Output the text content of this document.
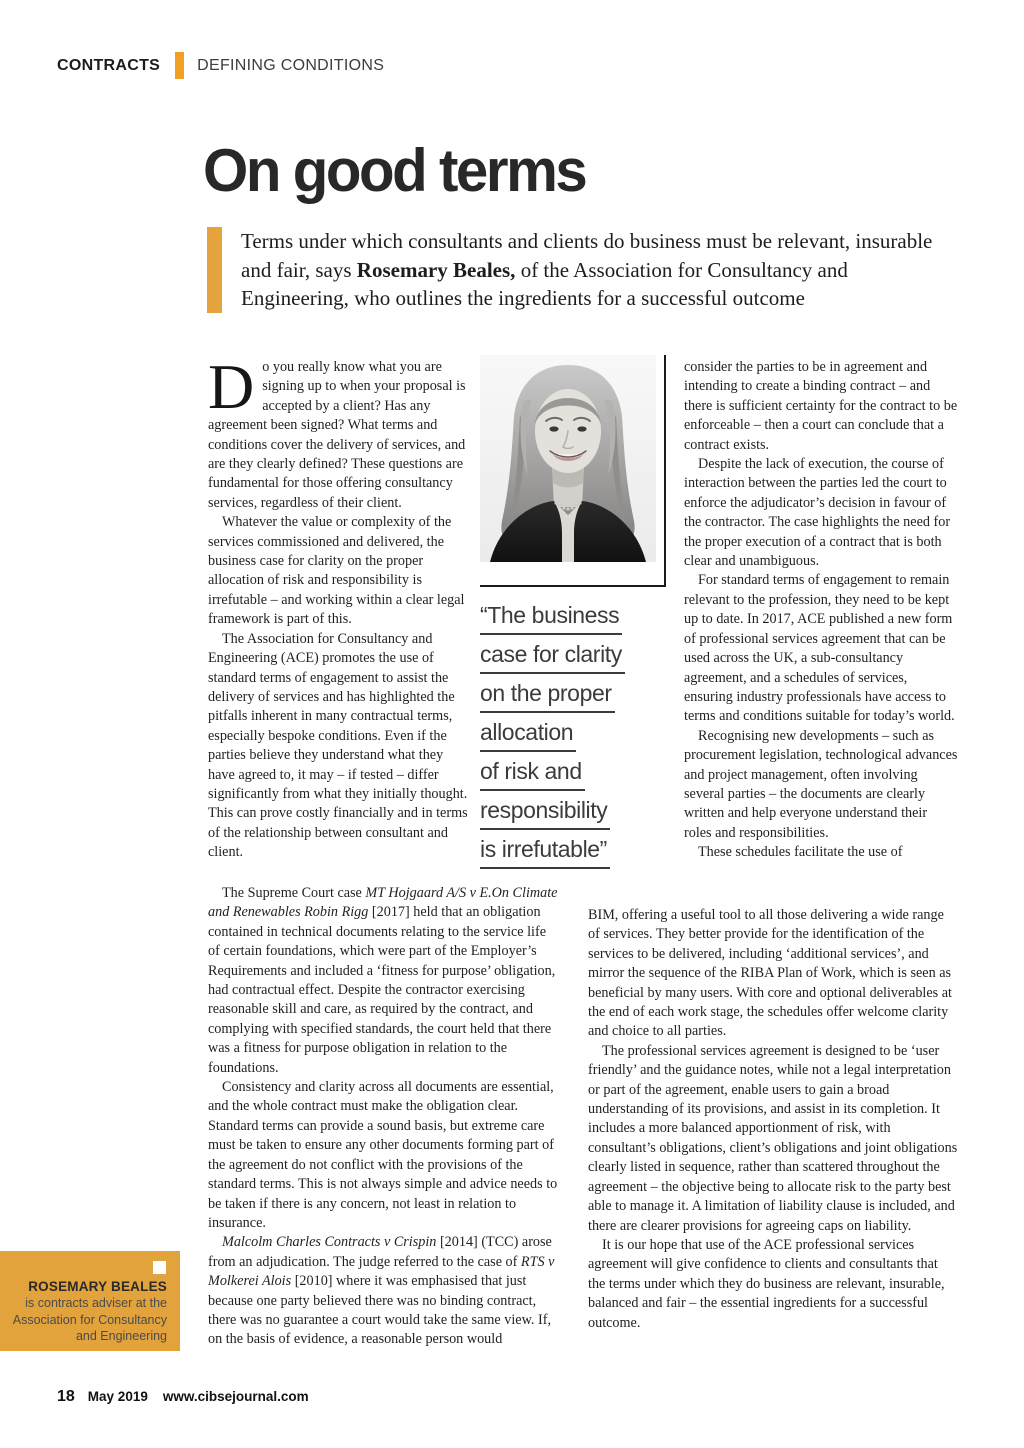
CONTRACTS DEFINING CONDITIONS
On good terms
Terms under which consultants and clients do business must be relevant, insurable and fair, says Rosemary Beales, of the Association for Consultancy and Engineering, who outlines the ingredients for a successful outcome

Do you really know what you are signing up to when your proposal is accepted by a client? Has any agreement been signed? What terms and conditions cover the delivery of services, and are they clearly defined? These questions are fundamental for those offering consultancy services, regardless of their client.

Whatever the value or complexity of the services commissioned and delivered, the business case for clarity on the proper allocation of risk and responsibility is irrefutable – and working within a clear legal framework is part of this.

The Association for Consultancy and Engineering (ACE) promotes the use of standard terms of engagement to assist the delivery of services and has highlighted the pitfalls inherent in many contractual terms, especially bespoke conditions. Even if the parties believe they understand what they have agreed to, it may – if tested – differ significantly from what they initially thought. This can prove costly financially and in terms of the relationship between consultant and client.

“The business
case for clarity
on the proper
allocation
of risk and
responsibility
is irrefutable”

consider the parties to be in agreement and intending to create a binding contract – and there is sufficient certainty for the contract to be enforceable – then a court can conclude that a contract exists.

Despite the lack of execution, the course of interaction between the parties led the court to enforce the adjudicator’s decision in favour of the contractor. The case highlights the need for the proper execution of a contract that is both clear and unambiguous.

For standard terms of engagement to remain relevant to the profession, they need to be kept up to date. In 2017, ACE published a new form of professional services agreement that can be used across the UK, a sub-consultancy agreement, and a schedules of services, ensuring industry professionals have access to terms and conditions suitable for today’s world.

Recognising new developments – such as procurement legislation, technological advances and project management, often involving several parties – the documents are clearly written and help everyone understand their roles and responsibilities.

These schedules facilitate the use of

The Supreme Court case MT Hojgaard A/S v E.On Climate and Renewables Robin Rigg [2017] held that an obligation contained in technical documents relating to the service life of certain foundations, which were part of the Employer’s Requirements and included a ‘fitness for purpose’ obligation, had contractual effect. Despite the contractor exercising reasonable skill and care, as required by the contract, and complying with specified standards, the court held that there was a fitness for purpose obligation in relation to the foundations.

Consistency and clarity across all documents are essential, and the whole contract must make the obligation clear. Standard terms can provide a sound basis, but extreme care must be taken to ensure any other documents forming part of the agreement do not conflict with the provisions of the standard terms. This is not always simple and advice needs to be taken if there is any concern, not least in relation to insurance.

Malcolm Charles Contracts v Crispin [2014] (TCC) arose from an adjudication. The judge referred to the case of RTS v Molkerei Alois [2010] where it was emphasised that just because one party believed there was no binding contract, there was no guarantee a court would take the same view. If, on the basis of evidence, a reasonable person would

BIM, offering a useful tool to all those delivering a wide range of services. They better provide for the identification of the services to be delivered, including ‘additional services’, and mirror the sequence of the RIBA Plan of Work, which is seen as beneficial by many users. With core and optional deliverables at the end of each work stage, the schedules offer welcome clarity and choice to all parties.

The professional services agreement is designed to be ‘user friendly’ and the guidance notes, while not a legal interpretation or part of the agreement, enable users to gain a broad understanding of its provisions, and assist in its completion. It includes a more balanced apportionment of risk, with consultant’s obligations, client’s obligations and joint obligations clearly listed in sequence, rather than scattered throughout the agreement – the objective being to allocate risk to the party best able to manage it. A limitation of liability clause is included, and there are clearer provisions for agreeing caps on liability.

It is our hope that use of the ACE professional services agreement will give confidence to clients and consultants that the terms under which they do business are relevant, insurable, balanced and fair – the essential ingredients for a successful outcome.

ROSEMARY BEALES
is contracts adviser at the Association for Consultancy and Engineering
18 May 2019 www.cibsejournal.com
